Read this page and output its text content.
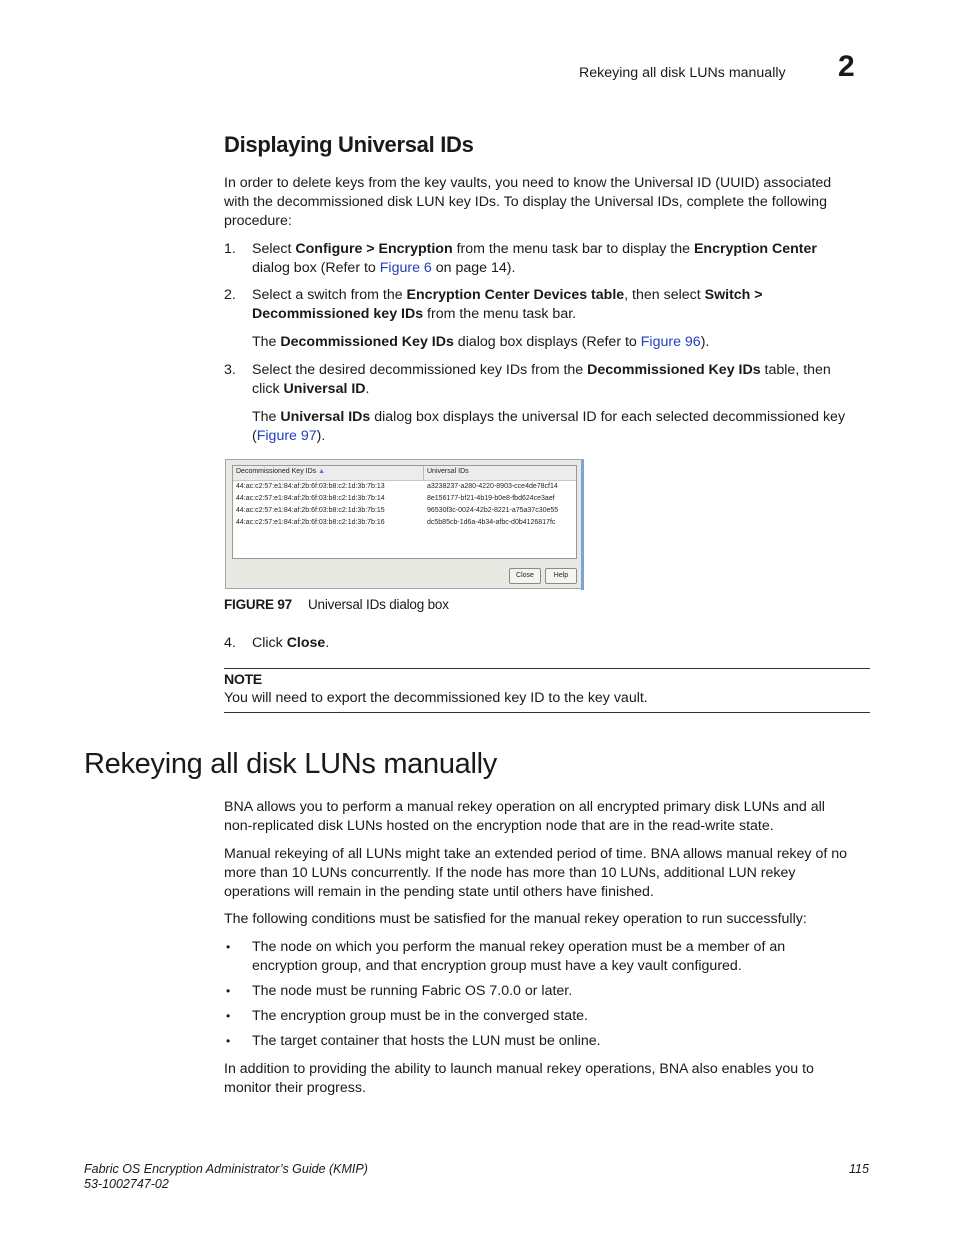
Rekeying all disk LUNs manually 2
Displaying Universal IDs
In order to delete keys from the key vaults, you need to know the Universal ID (UUID) associated
with the decommissioned disk LUN key IDs. To display the Universal IDs, complete the following
procedure:
1. Select Configure > Encryption from the menu task bar to display the Encryption Center
dialog box (Refer to Figure 6 on page 14).
2. Select a switch from the Encryption Center Devices table, then select Switch >
Decommissioned key IDs from the menu task bar.
The Decommissioned Key IDs dialog box displays (Refer to Figure 96).
3. Select the desired decommissioned key IDs from the Decommissioned Key IDs table, then
click Universal ID.
The Universal IDs dialog box displays the universal ID for each selected decommissioned key
(Figure 97).
Decommissioned Key IDs ▲	Universal IDs
44:ac:c2:57:e1:84:af:2b:6f:03:b8:c2:1d:3b:7b:13	a3238237-a280-4220-8903-cce4de78cf14
44:ac:c2:57:e1:84:af:2b:6f:03:b8:c2:1d:3b:7b:14	8e156177-bf21-4b19-b0e8-fbd624ce3aef
44:ac:c2:57:e1:84:af:2b:6f:03:b8:c2:1d:3b:7b:15	96530f3c-0024-42b2-8221-a75a37c30e55
44:ac:c2:57:e1:84:af:2b:6f:03:b8:c2:1d:3b:7b:16	dc5b85cb-1d6a-4b34-afbc-d0b4126817fc
Close	Help
FIGURE 97 Universal IDs dialog box
4. Click Close.
NOTE
You will need to export the decommissioned key ID to the key vault.
Rekeying all disk LUNs manually
BNA allows you to perform a manual rekey operation on all encrypted primary disk LUNs and all
non-replicated disk LUNs hosted on the encryption node that are in the read-write state.
Manual rekeying of all LUNs might take an extended period of time. BNA allows manual rekey of no
more than 10 LUNs concurrently. If the node has more than 10 LUNs, additional LUN rekey
operations will remain in the pending state until others have finished.
The following conditions must be satisfied for the manual rekey operation to run successfully:
• The node on which you perform the manual rekey operation must be a member of an
encryption group, and that encryption group must have a key vault configured.
• The node must be running Fabric OS 7.0.0 or later.
• The encryption group must be in the converged state.
• The target container that hosts the LUN must be online.
In addition to providing the ability to launch manual rekey operations, BNA also enables you to
monitor their progress.
Fabric OS Encryption Administrator’s Guide (KMIP)
53-1002747-02
115
